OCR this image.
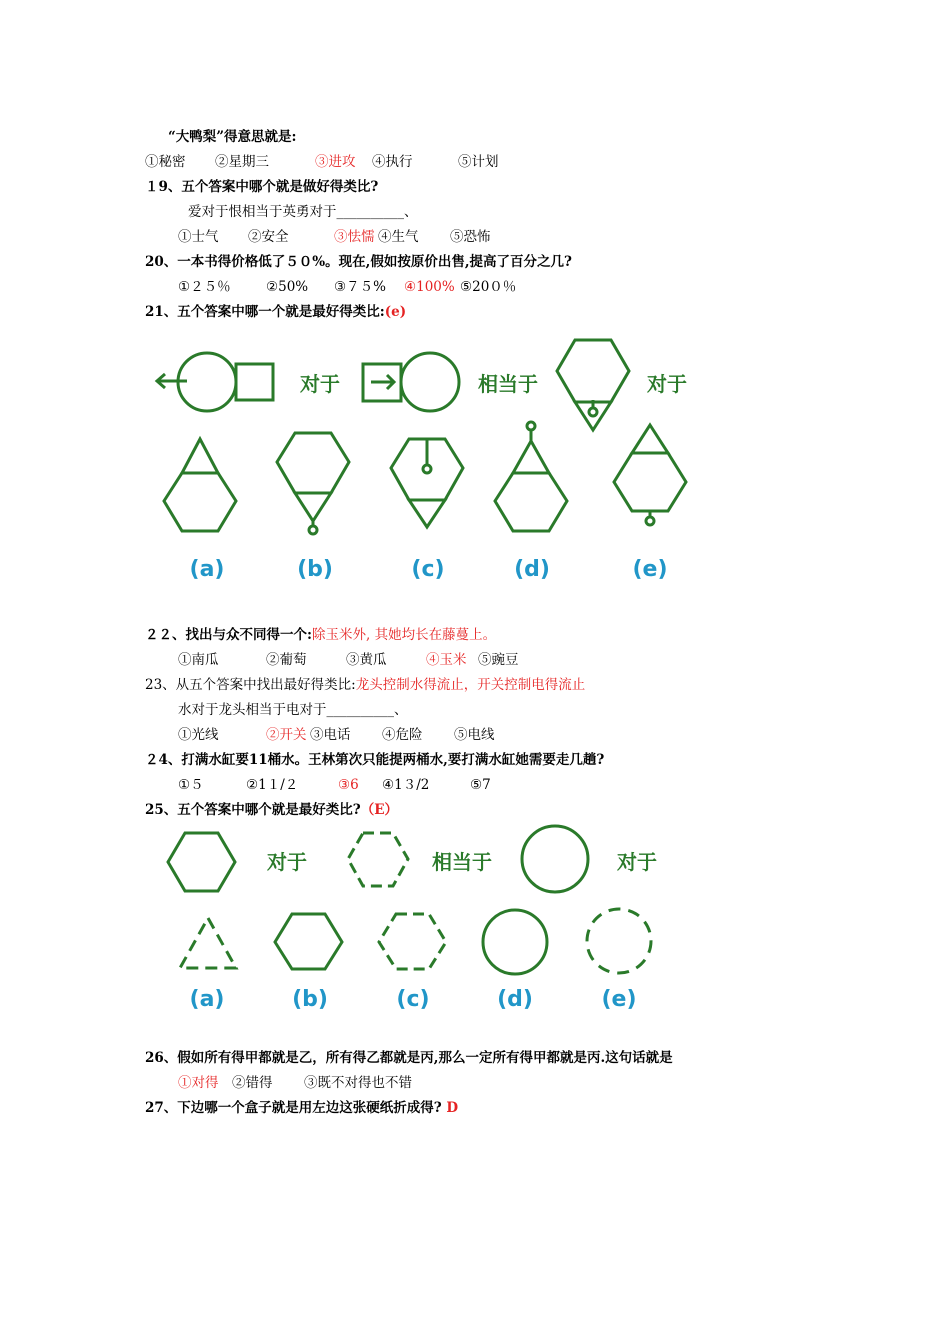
“大鸭梨”得意思就是:
①秘密 ②星期三	③进攻 ④执行	⑤计划
１9、五个答案中哪个就是做好得类比?
爱对于恨相当于英勇对于__________、
①士气 ②安全	③怯懦 ④生气 ⑤恐怖
20、一本书得价格低了５０%。现在,假如按原价出售,提高了百分之几?
①２５％	②50% ③７５% ④100% ⑤20０％
21、五个答案中哪一个就是最好得类比:(e)
对于	相当于	对于
(a)	(b)	(c)	(d)	(e)
２２、找出与众不同得一个:除玉米外, 其她均长在藤蔓上。
①南瓜	②葡萄	③黄瓜	④玉米 ⑤豌豆
23、从五个答案中找出最好得类比:龙头控制水得流止，开关控制电得流止
水对于龙头相当于电对于__________、
①光线	②开关 ③电话 ④危险 ⑤电线
２4、打满水缸要11桶水。王林第次只能提两桶水,要打满水缸她需要走几趟?
①５	②1１/２	③6 ④1３/2	⑤7
25、五个答案中哪个就是最好类比?（E）
对于	相当于	对于
(a)	(b)	(c)	(d)	(e)
26、假如所有得甲都就是乙，所有得乙都就是丙,那么一定所有得甲都就是丙.这句话就是
①对得 ②错得 ③既不对得也不错
27、下边哪一个盒子就是用左边这张硬纸折成得? D
